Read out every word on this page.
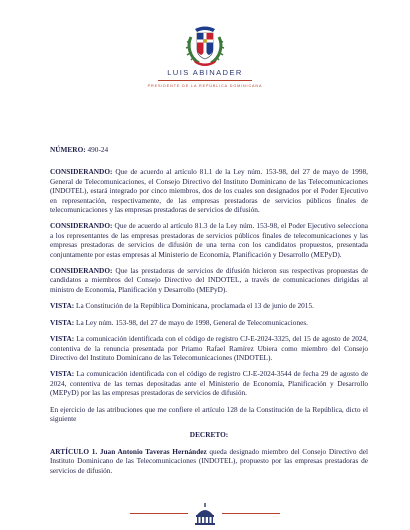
LUIS ABINADER
PRESIDENTE DE LA REPÚBLICA DOMINICANA

NÚMERO: 490-24

CONSIDERANDO: Que de acuerdo al artículo 81.1 de la Ley núm. 153-98, del 27 de mayo de 1998, General de Telecomunicaciones, el Consejo Directivo del Instituto Dominicano de las Telecomunicaciones (INDOTEL), estará integrado por cinco miembros, dos de los cuales son designados por el Poder Ejecutivo en representación, respectivamente, de las empresas prestadoras de servicios públicos finales de telecomunicaciones y las empresas prestadoras de servicios de difusión.

CONSIDERANDO: Que de acuerdo al artículo 81.3 de la Ley núm. 153-98, el Poder Ejecutivo selecciona a los representantes de las empresas prestadoras de servicios públicos finales de telecomunicaciones y las empresas prestadoras de servicios de difusión de una terna con los candidatos propuestos, presentada conjuntamente por estas empresas al Ministerio de Economía, Planificación y Desarrollo (MEPyD).

CONSIDERANDO: Que las prestadoras de servicios de difusión hicieron sus respectivas propuestas de candidatos a miembros del Consejo Directivo del INDOTEL, a través de comunicaciones dirigidas al ministro de Economía, Planificación y Desarrollo (MEPyD).

VISTA: La Constitución de la República Dominicana, proclamada el 13 de junio de 2015.

VISTA: La Ley núm. 153-98, del 27 de mayo de 1998, General de Telecomunicaciones.

VISTA: La comunicación identificada con el código de registro CJ-E-2024-3325, del 15 de agosto de 2024, contentiva de la renuncia presentada por Priamo Rafael Ramírez Ubiera como miembro del Consejo Directivo del Instituto Dominicano de las Telecomunicaciones (INDOTEL).

VISTA: La comunicación identificada con el código de registro CJ-E-2024-3544 de fecha 29 de agosto de 2024, contentiva de las ternas depositadas ante el Ministerio de Economía, Planificación y Desarrollo (MEPyD) por las las empresas prestadoras de servicios de difusión.

En ejercicio de las atribuciones que me confiere el artículo 128 de la Constitución de la República, dicto el siguiente

DECRETO:

ARTÍCULO 1. Juan Antonio Taveras Hernández queda designado miembro del Consejo Directivo del Instituto Dominicano de las Telecomunicaciones (INDOTEL), propuesto por las empresas prestadoras de servicios de difusión.
